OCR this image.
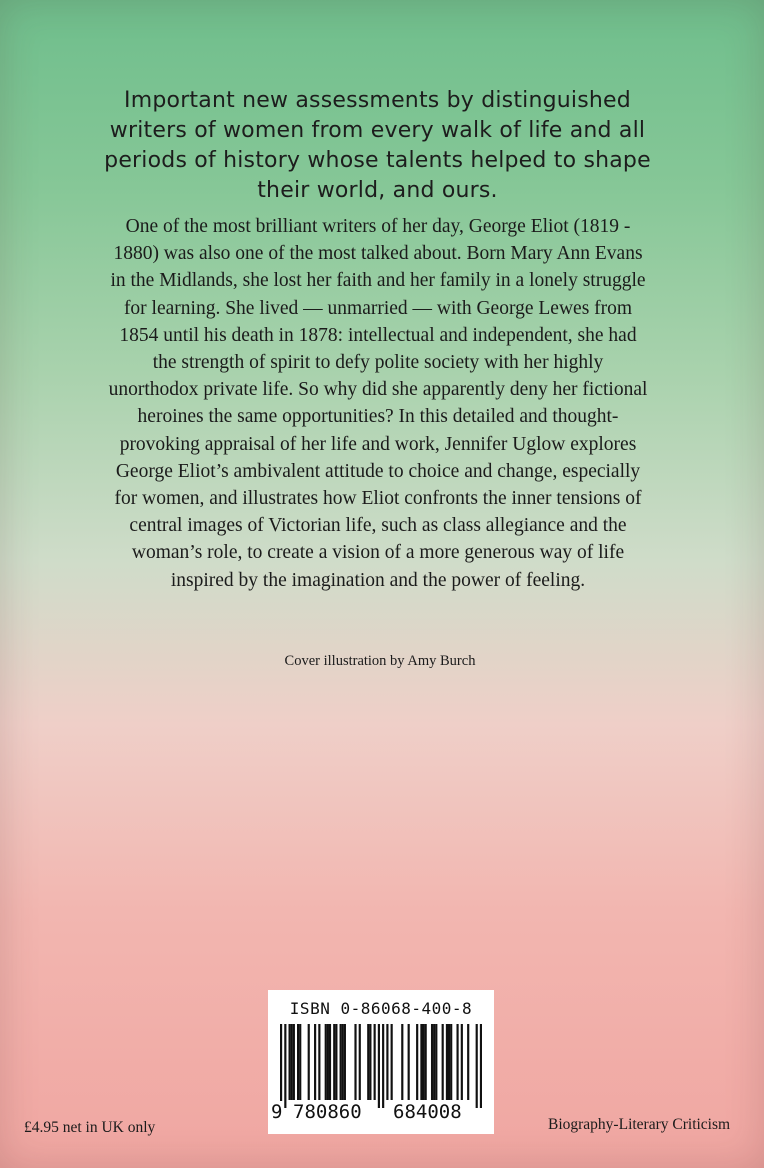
Important new assessments by distinguished writers of women from every walk of life and all periods of history whose talents helped to shape their world, and ours.

One of the most brilliant writers of her day, George Eliot (1819 - 1880) was also one of the most talked about. Born Mary Ann Evans in the Midlands, she lost her faith and her family in a lonely struggle for learning. She lived — unmarried — with George Lewes from 1854 until his death in 1878: intellectual and independent, she had the strength of spirit to defy polite society with her highly unorthodox private life. So why did she apparently deny her fictional heroines the same opportunities? In this detailed and thought-provoking appraisal of her life and work, Jennifer Uglow explores George Eliot’s ambivalent attitude to choice and change, especially for women, and illustrates how Eliot confronts the inner tensions of central images of Victorian life, such as class allegiance and the woman’s role, to create a vision of a more generous way of life inspired by the imagination and the power of feeling.

Cover illustration by Amy Burch
ISBN 0-86068-400-8
9 780860 684008
£4.95 net in UK only	Biography-Literary Criticism
